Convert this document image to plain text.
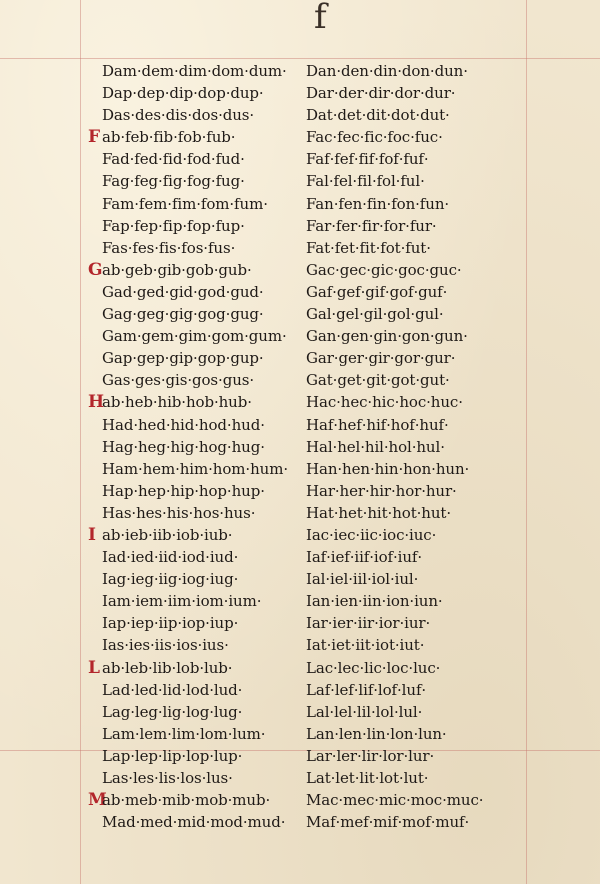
f
Dam·dem·dim·dom·dum·
Dap·dep·dip·dop·dup·
Das·des·dis·dos·dus·
F ab·feb·fib·fob·fub·
Fad·fed·fid·fod·fud·
Fag·feg·fig·fog·fug·
Fam·fem·fim·fom·fum·
Fap·fep·fip·fop·fup·
Fas·fes·fis·fos·fus·
Gab·geb·gib·gob·gub·
Gad·ged·gid·god·gud·
Gag·geg·gig·gog·gug·
Gam·gem·gim·gom·gum·
Gap·gep·gip·gop·gup·
Gas·ges·gis·gos·gus·
Hab·heb·hib·hob·hub·
Had·hed·hid·hod·hud·
Hag·heg·hig·hog·hug·
Ham·hem·him·hom·hum·
Hap·hep·hip·hop·hup·
Has·hes·his·hos·hus·
I ab·ieb·iib·iob·iub·
Iad·ied·iid·iod·iud·
Iag·ieg·iig·iog·iug·
Iam·iem·iim·iom·ium·
Iap·iep·iip·iop·iup·
Ias·ies·iis·ios·ius·
L ab·leb·lib·lob·lub·
Lad·led·lid·lod·lud·
Lag·leg·lig·log·lug·
Lam·lem·lim·lom·lum·
Lap·lep·lip·lop·lup·
Las·les·lis·los·lus·
Mab·meb·mib·mob·mub·
Mad·med·mid·mod·mud·
Dan·den·din·don·dun·
Dar·der·dir·dor·dur·
Dat·det·dit·dot·dut·
Fac·fec·fic·foc·fuc·
Faf·fef·fif·fof·fuf·
Fal·fel·fil·fol·ful·
Fan·fen·fin·fon·fun·
Far·fer·fir·for·fur·
Fat·fet·fit·fot·fut·
Gac·gec·gic·goc·guc·
Gaf·gef·gif·gof·guf·
Gal·gel·gil·gol·gul·
Gan·gen·gin·gon·gun·
Gar·ger·gir·gor·gur·
Gat·get·git·got·gut·
Hac·hec·hic·hoc·huc·
Haf·hef·hif·hof·huf·
Hal·hel·hil·hol·hul·
Han·hen·hin·hon·hun·
Har·her·hir·hor·hur·
Hat·het·hit·hot·hut·
Iac·iec·iic·ioc·iuc·
Iaf·ief·iif·iof·iuf·
Ial·iel·iil·iol·iul·
Ian·ien·iin·ion·iun·
Iar·ier·iir·ior·iur·
Iat·iet·iit·iot·iut·
Lac·lec·lic·loc·luc·
Laf·lef·lif·lof·luf·
Lal·lel·lil·lol·lul·
Lan·len·lin·lon·lun·
Lar·ler·lir·lor·lur·
Lat·let·lit·lot·lut·
Mac·mec·mic·moc·muc·
Maf·mef·mif·mof·muf·
